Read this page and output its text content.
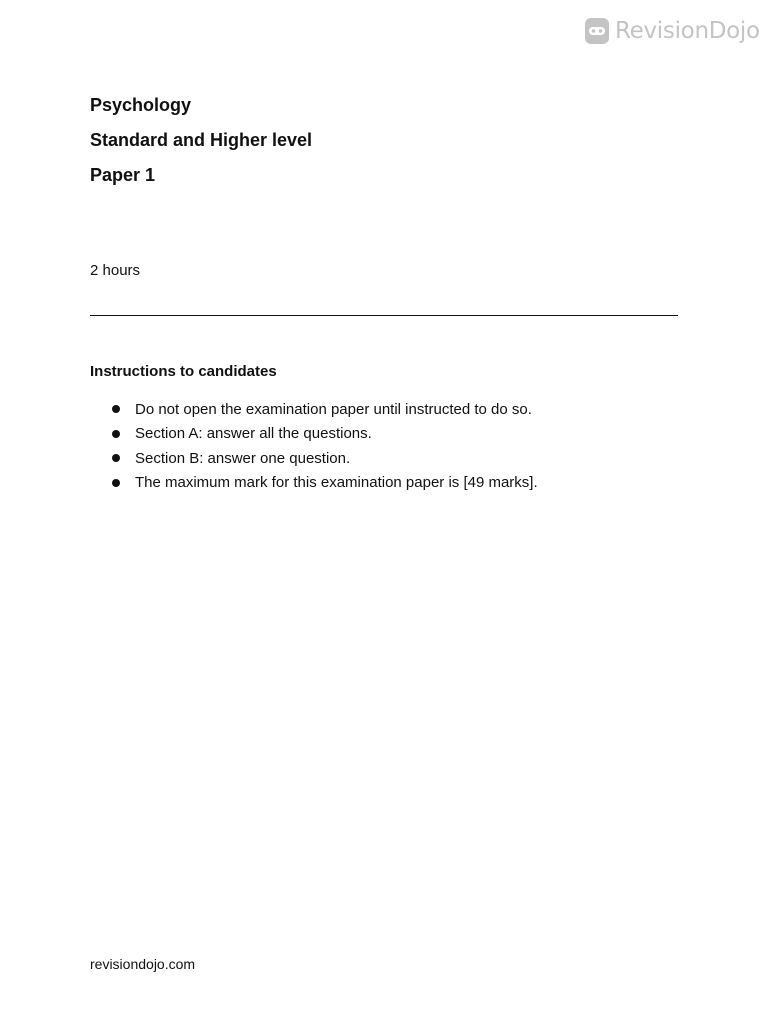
RevisionDojo
Psychology
Standard and Higher level
Paper 1
2 hours
Instructions to candidates
Do not open the examination paper until instructed to do so.
Section A: answer all the questions.
Section B: answer one question.
The maximum mark for this examination paper is [49 marks].
revisiondojo.com
